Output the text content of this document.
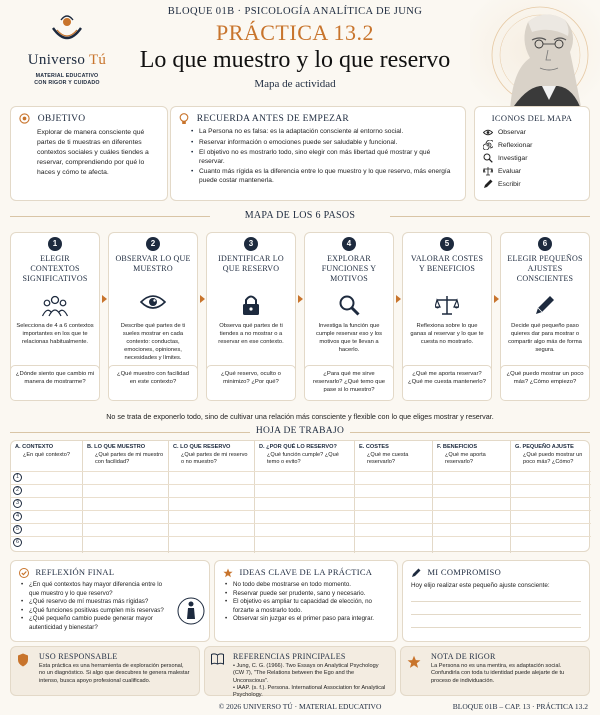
Universo Tú
MATERIAL EDUCATIVO
CON RIGOR Y CUIDADO
BLOQUE 01B · PSICOLOGÍA ANALÍTICA DE JUNG
PRÁCTICA 13.2
Lo que muestro y lo que reservo
Mapa de actividad
OBJETIVO

Explorar de manera consciente qué partes de ti muestras en diferentes contextos sociales y cuáles tiendes a reservar, comprendiendo por qué lo haces y cómo te afecta.

RECUERDA ANTES DE EMPEZAR
• La Persona no es falsa: es la adaptación consciente al entorno social.
• Reservar información o emociones puede ser saludable y funcional.
• El objetivo no es mostrarlo todo, sino elegir con más libertad qué mostrar y qué reservar.
• Cuanto más rígida es la diferencia entre lo que muestro y lo que reservo, más energía puede costar mantenerla.
ICONOS DEL MAPA
Observar
Reflexionar
Investigar
Evaluar
Escribir
MAPA DE LOS 6 PASOS
1
ELEGIR CONTEXTOS SIGNIFICATIVOS
Selecciona de 4 a 6 contextos importantes en los que te relacionas habitualmente.
2
OBSERVAR LO QUE MUESTRO
Describe qué partes de ti sueles mostrar en cada contexto: conductas, emociones, opiniones, necesidades y límites.
3
IDENTIFICAR LO QUE RESERVO
Observa qué partes de ti tiendes a no mostrar o a reservar en ese contexto.
4
EXPLORAR FUNCIONES Y MOTIVOS
Investiga la función que cumple reservar eso y los motivos que te llevan a hacerlo.
5
VALORAR COSTES Y BENEFICIOS
Reflexiona sobre lo que ganas al reservar y lo que te cuesta no mostrarlo.
6
ELEGIR PEQUEÑOS AJUSTES CONSCIENTES
Decide qué pequeño paso quieres dar para mostrar o compartir algo más de forma segura.
¿Dónde siento que cambio mi manera de mostrarme?
¿Qué muestro con facilidad en este contexto?
¿Qué reservo, oculto o minimizo? ¿Por qué?
¿Para qué me sirve reservarlo? ¿Qué temo que pase si lo muestro?
¿Qué me aporta reservar? ¿Qué me cuesta mantenerlo?
¿Qué puedo mostrar un poco más? ¿Cómo empiezo?
No se trata de exponerlo todo, sino de cultivar una relación más consciente y flexible con lo que eliges mostrar y reservar.
HOJA DE TRABAJO
A. CONTEXTO
¿En qué contexto?
B. LO QUE MUESTRO
¿Qué partes de mi muestro con facilidad?
C. LO QUE RESERVO
¿Qué partes de mi reservo o no muestro?
D. ¿POR QUÉ LO RESERVO?
¿Qué función cumple? ¿Qué temo o evito?
E. COSTES
¿Qué me cuesta reservarlo?
F. BENEFICIOS
¿Qué me aporta reservarlo?
G. PEQUEÑO AJUSTE
¿Qué puedo mostrar un poco más? ¿Cómo?
1
2
3
4
5
6
REFLEXIÓN FINAL
• ¿En qué contextos hay mayor diferencia entre lo que muestro y lo que reservo?
• ¿Qué reservo de mí muestras más rígidas?
• ¿Qué funciones positivas cumplen mis reservas?
• ¿Qué pequeño cambio puede generar mayor autenticidad y bienestar?
IDEAS CLAVE DE LA PRÁCTICA
• No todo debe mostrarse en todo momento.
• Reservar puede ser prudente, sano y necesario.
• El objetivo es ampliar tu capacidad de elección, no forzarte a mostrarlo todo.
• Observar sin juzgar es el primer paso para integrar.
MI COMPROMISO
Hoy elijo realizar este pequeño ajuste consciente:
USO RESPONSABLE
Esta práctica es una herramienta de exploración personal, no un diagnóstico. Si algo que descubres te genera malestar intenso, busca apoyo profesional cualificado.
REFERENCIAS PRINCIPALES
• Jung, C. G. (1966). Two Essays on Analytical Psychology (CW 7), "The Relations between the Ego and the Unconscious".
• IAAP. (s. f.). Persona. International Association for Analytical Psychology.
NOTA DE RIGOR
La Persona no es una mentira, es adaptación social. Confundirla con toda tu identidad puede alejarte de tu proceso de individuación.
© 2026 UNIVERSO TÚ · MATERIAL EDUCATIVO	BLOQUE 01B – CAP. 13 · PRÁCTICA 13.2
